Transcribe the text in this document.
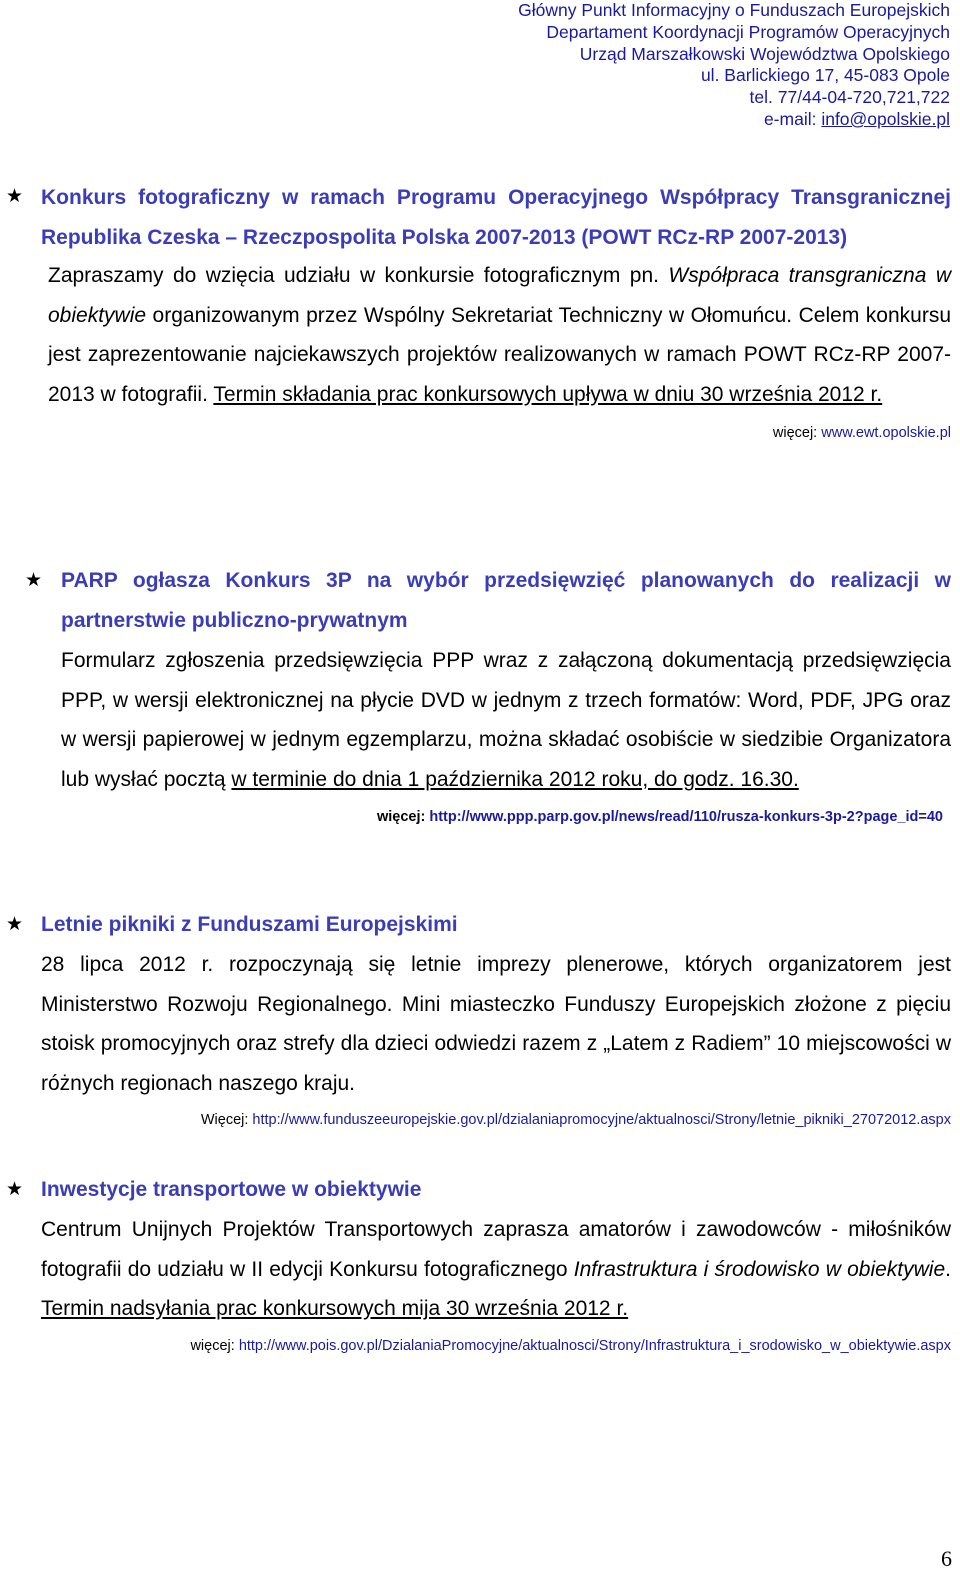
Główny Punkt Informacyjny o Funduszach Europejskich
Departament Koordynacji Programów Operacyjnych
Urząd Marszałkowski Województwa Opolskiego
ul. Barlickiego 17, 45-083 Opole
tel. 77/44-04-720,721,722
e-mail: info@opolskie.pl
★ Konkurs fotograficzny w ramach Programu Operacyjnego Współpracy Transgranicznej Republika Czeska – Rzeczpospolita Polska 2007-2013 (POWT RCz-RP 2007-2013)
Zapraszamy do wzięcia udziału w konkursie fotograficznym pn. Współpraca transgraniczna w obiektywie organizowanym przez Wspólny Sekretariat Techniczny w Ołomuńcu. Celem konkursu jest zaprezentowanie najciekawszych projektów realizowanych w ramach POWT RCz-RP 2007-2013 w fotografii. Termin składania prac konkursowych upływa w dniu 30 września 2012 r.
więcej: www.ewt.opolskie.pl
★ PARP ogłasza Konkurs 3P na wybór przedsięwzięć planowanych do realizacji w partnerstwie publiczno-prywatnym
Formularz zgłoszenia przedsięwzięcia PPP wraz z załączoną dokumentacją przedsięwzięcia PPP, w wersji elektronicznej na płycie DVD w jednym z trzech formatów: Word, PDF, JPG oraz w wersji papierowej w jednym egzemplarzu, można składać osobiście w siedzibie Organizatora lub wysłać pocztą w terminie do dnia 1 października 2012 roku, do godz. 16.30.
więcej: http://www.ppp.parp.gov.pl/news/read/110/rusza-konkurs-3p-2?page_id=40
★ Letnie pikniki z Funduszami Europejskimi
28 lipca 2012 r. rozpoczynają się letnie imprezy plenerowe, których organizatorem jest Ministerstwo Rozwoju Regionalnego. Mini miasteczko Funduszy Europejskich złożone z pięciu stoisk promocyjnych oraz strefy dla dzieci odwiedzi razem z „Latem z Radiem” 10 miejscowości w różnych regionach naszego kraju.
Więcej: http://www.funduszeeuropejskie.gov.pl/dzialaniapromocyjne/aktualnosci/Strony/letnie_pikniki_27072012.aspx
★ Inwestycje transportowe w obiektywie
Centrum Unijnych Projektów Transportowych zaprasza amatorów i zawodowców - miłośników fotografii do udziału w II edycji Konkursu fotograficznego Infrastruktura i środowisko w obiektywie. Termin nadsyłania prac konkursowych mija 30 września 2012 r.
więcej: http://www.pois.gov.pl/DzialaniaPromocyjne/aktualnosci/Strony/Infrastruktura_i_srodowisko_w_obiektywie.aspx
6
